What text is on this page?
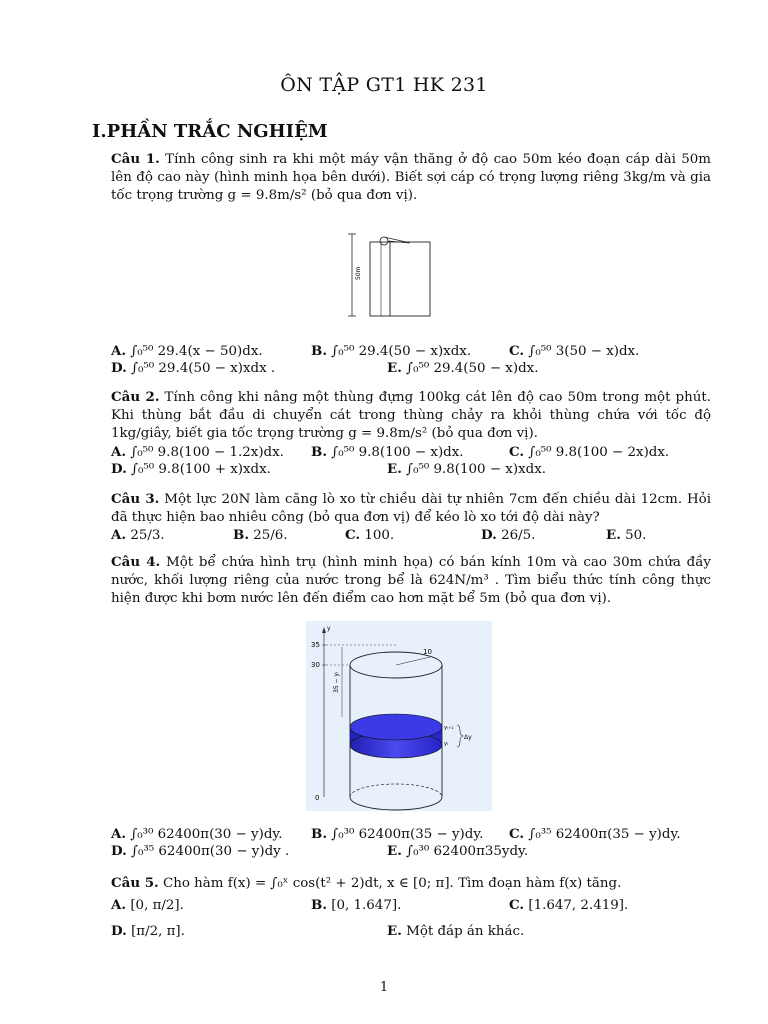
ÔN TẬP GT1 HK 231
I.PHẦN TRẮC NGHIỆM
Câu 1. Tính công sinh ra khi một máy vận thăng ở độ cao 50m kéo đoạn cáp dài 50m lên độ cao này (hình minh họa bên dưới). Biết sợi cáp có trọng lượng riêng 3kg/m và gia tốc trọng trường g = 9.8m/s² (bỏ qua đơn vị).
50m
A. ∫₀⁵⁰ 29.4(x − 50)dx.	B. ∫₀⁵⁰ 29.4(50 − x)xdx.	C. ∫₀⁵⁰ 3(50 − x)dx.
D. ∫₀⁵⁰ 29.4(50 − x)xdx .	E. ∫₀⁵⁰ 29.4(50 − x)dx.
Câu 2. Tính công khi nâng một thùng đựng 100kg cát lên độ cao 50m trong một phút. Khi thùng bắt đầu di chuyển cát trong thùng chảy ra khỏi thùng chứa với tốc độ 1kg/giây, biết gia tốc trọng trường g = 9.8m/s² (bỏ qua đơn vị).
A. ∫₀⁵⁰ 9.8(100 − 1.2x)dx. B. ∫₀⁵⁰ 9.8(100 − x)dx.	C. ∫₀⁵⁰ 9.8(100 − 2x)dx.
D. ∫₀⁵⁰ 9.8(100 + x)xdx.	E. ∫₀⁵⁰ 9.8(100 − x)xdx.
Câu 3. Một lực 20N làm căng lò xo từ chiều dài tự nhiên 7cm đến chiều dài 12cm. Hỏi đã thực hiện bao nhiêu công (bỏ qua đơn vị) để kéo lò xo tới độ dài này?
A. 25/3.	B. 25/6.	C. 100.	D. 26/5.	E. 50.
Câu 4. Một bể chứa hình trụ (hình minh họa) có bán kính 10m và cao 30m chứa đầy nước, khối lượng riêng của nước trong bể là 624N/m³ . Tìm biểu thức tính công thực hiện được khi bơm nước lên đến điểm cao hơn mặt bể 5m (bỏ qua đơn vị).
y
35
30
0
35 − yᵢ
10
yᵢ₊₁
yᵢ
Δy
A. ∫₀³⁰ 62400π(30 − y)dy. B. ∫₀³⁰ 62400π(35 − y)dy. C. ∫₀³⁵ 62400π(35 − y)dy.
D. ∫₀³⁵ 62400π(30 − y)dy .	E. ∫₀³⁰ 62400π35ydy.
Câu 5. Cho hàm f(x) = ∫₀ˣ cos(t² + 2)dt, x ∈ [0; π]. Tìm đoạn hàm f(x) tăng.
A. [0, π/2].	B. [0, 1.647].	C. [1.647, 2.419].
D. [π/2, π].	E. Một đáp án khác.
1
